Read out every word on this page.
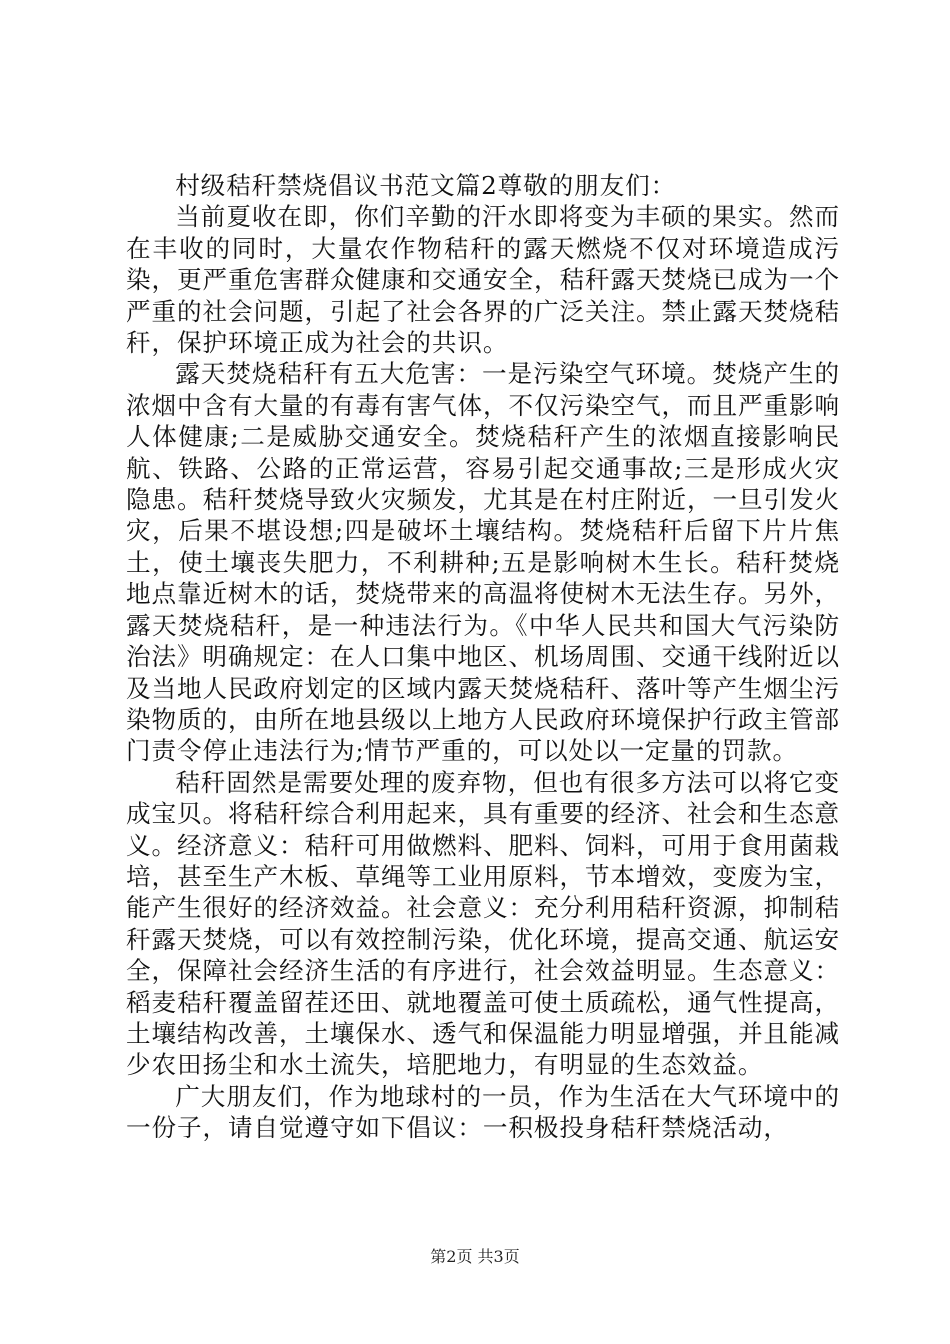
村级秸秆禁烧倡议书范文篇2尊敬的朋友们：

当前夏收在即，你们辛勤的汗水即将变为丰硕的果实。然而在丰收的同时，大量农作物秸秆的露天燃烧不仅对环境造成污染，更严重危害群众健康和交通安全，秸秆露天焚烧已成为一个严重的社会问题，引起了社会各界的广泛关注。禁止露天焚烧秸秆，保护环境正成为社会的共识。

露天焚烧秸秆有五大危害：一是污染空气环境。焚烧产生的浓烟中含有大量的有毒有害气体，不仅污染空气，而且严重影响人体健康;二是威胁交通安全。焚烧秸秆产生的浓烟直接影响民航、铁路、公路的正常运营，容易引起交通事故;三是形成火灾隐患。秸秆焚烧导致火灾频发，尤其是在村庄附近，一旦引发火灾，后果不堪设想;四是破坏土壤结构。焚烧秸秆后留下片片焦土，使土壤丧失肥力，不利耕种;五是影响树木生长。秸秆焚烧地点靠近树木的话，焚烧带来的高温将使树木无法生存。另外，露天焚烧秸秆，是一种违法行为。《中华人民共和国大气污染防治法》明确规定：在人口集中地区、机场周围、交通干线附近以及当地人民政府划定的区域内露天焚烧秸秆、落叶等产生烟尘污染物质的，由所在地县级以上地方人民政府环境保护行政主管部门责令停止违法行为;情节严重的，可以处以一定量的罚款。

秸秆固然是需要处理的废弃物，但也有很多方法可以将它变成宝贝。将秸秆综合利用起来，具有重要的经济、社会和生态意义。经济意义：秸秆可用做燃料、肥料、饲料，可用于食用菌栽培，甚至生产木板、草绳等工业用原料，节本增效，变废为宝，能产生很好的经济效益。社会意义：充分利用秸秆资源，抑制秸秆露天焚烧，可以有效控制污染，优化环境，提高交通、航运安全，保障社会经济生活的有序进行，社会效益明显。生态意义：稻麦秸秆覆盖留茬还田、就地覆盖可使土质疏松，通气性提高，土壤结构改善，土壤保水、透气和保温能力明显增强，并且能减少农田扬尘和水土流失，培肥地力，有明显的生态效益。

广大朋友们，作为地球村的一员，作为生活在大气环境中的一份子，请自觉遵守如下倡议：一积极投身秸秆禁烧活动，

第2页 共3页
